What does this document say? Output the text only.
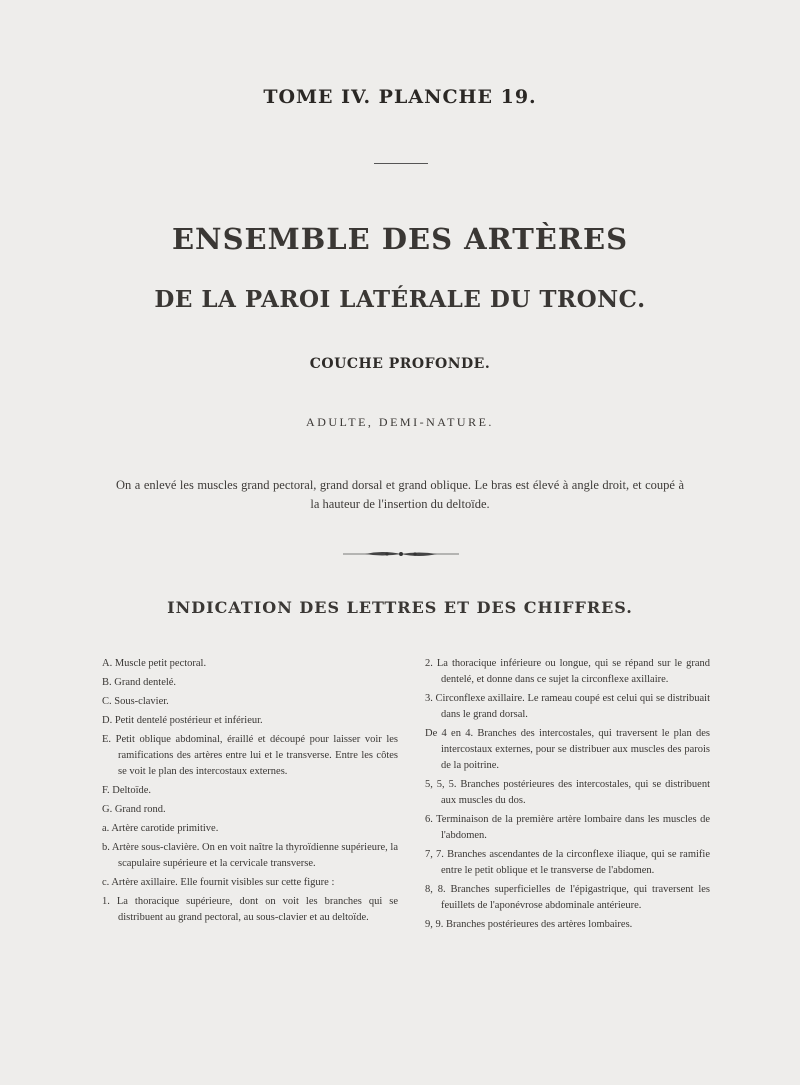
TOME IV. PLANCHE 19.
ENSEMBLE DES ARTÈRES
DE LA PAROI LATÉRALE DU TRONC.
COUCHE PROFONDE.
ADULTE, DEMI-NATURE.
On a enlevé les muscles grand pectoral, grand dorsal et grand oblique. Le bras est élevé à angle droit, et coupé à la hauteur de l'insertion du deltoïde.
INDICATION DES LETTRES ET DES CHIFFRES.

A. Muscle petit pectoral.

B. Grand dentelé.

C. Sous-clavier.

D. Petit dentelé postérieur et inférieur.

E. Petit oblique abdominal, éraillé et découpé pour laisser voir les ramifications des artères entre lui et le transverse. Entre les côtes se voit le plan des intercostaux externes.

F. Deltoïde.

G. Grand rond.

a. Artère carotide primitive.

b. Artère sous-clavière. On en voit naître la thyroïdienne supérieure, la scapulaire supérieure et la cervicale transverse.

c. Artère axillaire. Elle fournit visibles sur cette figure :

1. La thoracique supérieure, dont on voit les branches qui se distribuent au grand pectoral, au sous-clavier et au deltoïde.

2. La thoracique inférieure ou longue, qui se répand sur le grand dentelé, et donne dans ce sujet la circonflexe axillaire.

3. Circonflexe axillaire. Le rameau coupé est celui qui se distribuait dans le grand dorsal.

De 4 en 4. Branches des intercostales, qui traversent le plan des intercostaux externes, pour se distribuer aux muscles des parois de la poitrine.

5, 5, 5. Branches postérieures des intercostales, qui se distribuent aux muscles du dos.

6. Terminaison de la première artère lombaire dans les muscles de l'abdomen.

7, 7. Branches ascendantes de la circonflexe iliaque, qui se ramifie entre le petit oblique et le transverse de l'abdomen.

8, 8. Branches superficielles de l'épigastrique, qui traversent les feuillets de l'aponévrose abdominale antérieure.

9, 9. Branches postérieures des artères lombaires.
